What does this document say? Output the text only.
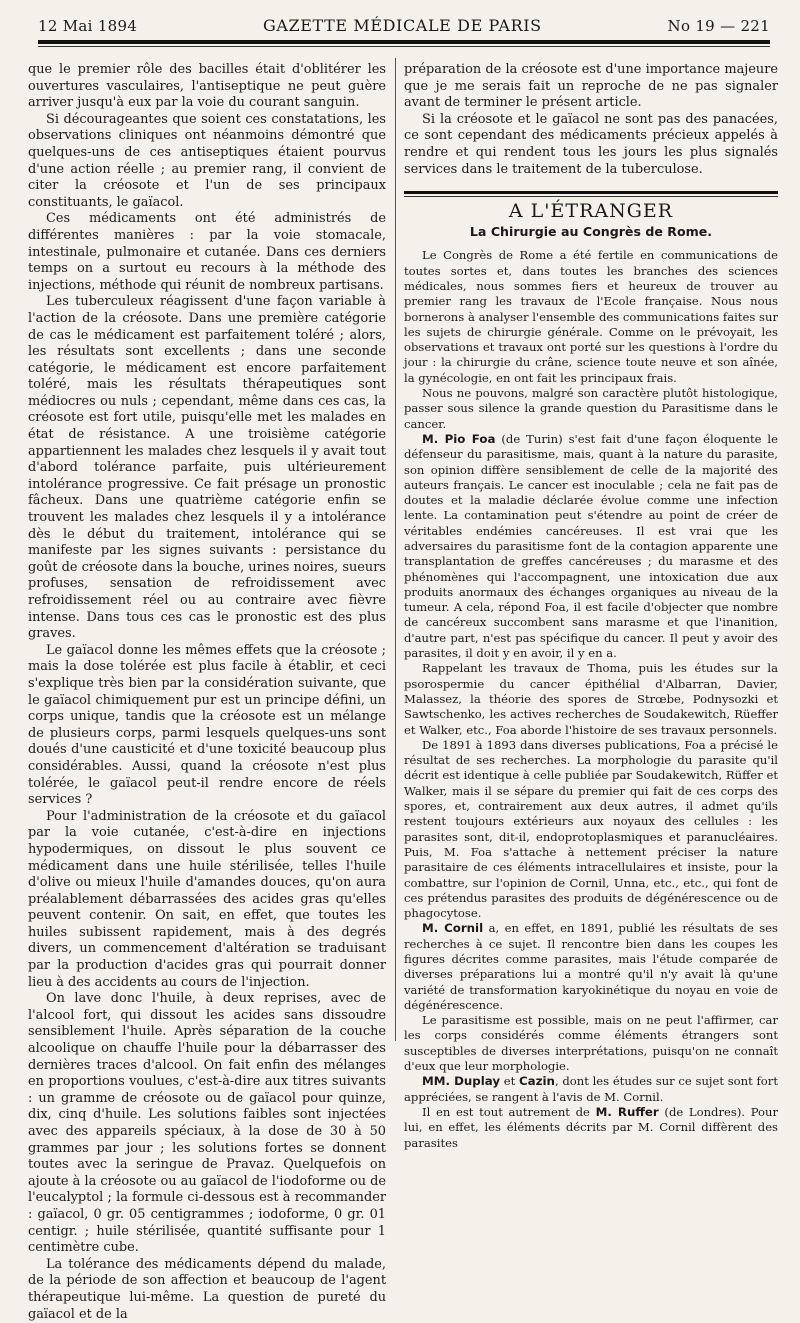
12 Mai 1894	GAZETTE MÉDICALE DE PARIS	No 19 — 221

que le premier rôle des bacilles était d'oblitérer les ouvertures vasculaires, l'antiseptique ne peut guère arriver jusqu'à eux par la voie du courant sanguin.

Si décourageantes que soient ces constatations, les observations cliniques ont néanmoins démontré que quelques-uns de ces antiseptiques étaient pourvus d'une action réelle ; au premier rang, il convient de citer la créosote et l'un de ses principaux constituants, le gaïacol.

Ces médicaments ont été administrés de différentes manières : par la voie stomacale, intestinale, pulmonaire et cutanée. Dans ces derniers temps on a surtout eu recours à la méthode des injections, méthode qui réunit de nombreux partisans.

Les tuberculeux réagissent d'une façon variable à l'action de la créosote. Dans une première catégorie de cas le médicament est parfaitement toléré ; alors, les résultats sont excellents ; dans une seconde catégorie, le médicament est encore parfaitement toléré, mais les résultats thérapeutiques sont médiocres ou nuls ; cependant, même dans ces cas, la créosote est fort utile, puisqu'elle met les malades en état de résistance. A une troisième catégorie appartiennent les malades chez lesquels il y avait tout d'abord tolérance parfaite, puis ultérieurement intolérance progressive. Ce fait présage un pronostic fâcheux. Dans une quatrième catégorie enfin se trouvent les malades chez lesquels il y a intolérance dès le début du traitement, intolérance qui se manifeste par les signes suivants : persistance du goût de créosote dans la bouche, urines noires, sueurs profuses, sensation de refroidissement avec refroidissement réel ou au contraire avec fièvre intense. Dans tous ces cas le pronostic est des plus graves.

Le gaïacol donne les mêmes effets que la créosote ; mais la dose tolérée est plus facile à établir, et ceci s'explique très bien par la considération suivante, que le gaïacol chimiquement pur est un principe défini, un corps unique, tandis que la créosote est un mélange de plusieurs corps, parmi lesquels quelques-uns sont doués d'une causticité et d'une toxicité beaucoup plus considérables. Aussi, quand la créosote n'est plus tolérée, le gaïacol peut-il rendre encore de réels services ?

Pour l'administration de la créosote et du gaïacol par la voie cutanée, c'est-à-dire en injections hypodermiques, on dissout le plus souvent ce médicament dans une huile stérilisée, telles l'huile d'olive ou mieux l'huile d'amandes douces, qu'on aura préalablement débarrassées des acides gras qu'elles peuvent contenir. On sait, en effet, que toutes les huiles subissent rapidement, mais à des degrés divers, un commencement d'altération se traduisant par la production d'acides gras qui pourrait donner lieu à des accidents au cours de l'injection.

On lave donc l'huile, à deux reprises, avec de l'alcool fort, qui dissout les acides sans dissoudre sensiblement l'huile. Après séparation de la couche alcoolique on chauffe l'huile pour la débarrasser des dernières traces d'alcool. On fait enfin des mélanges en proportions voulues, c'est-à-dire aux titres suivants : un gramme de créosote ou de gaïacol pour quinze, dix, cinq d'huile. Les solutions faibles sont injectées avec des appareils spéciaux, à la dose de 30 à 50 grammes par jour ; les solutions fortes se donnent toutes avec la seringue de Pravaz. Quelquefois on ajoute à la créosote ou au gaïacol de l'iodoforme ou de l'eucalyptol ; la formule ci-dessous est à recommander : gaïacol, 0 gr. 05 centigrammes ; iodoforme, 0 gr. 01 centigr. ; huile stérilisée, quantité suffisante pour 1 centimètre cube.

La tolérance des médicaments dépend du malade, de la période de son affection et beaucoup de l'agent thérapeutique lui-même. La question de pureté du gaïacol et de la

préparation de la créosote est d'une importance majeure que je me serais fait un reproche de ne pas signaler avant de terminer le présent article.

Si la créosote et le gaïacol ne sont pas des panacées, ce sont cependant des médicaments précieux appelés à rendre et qui rendent tous les jours les plus signalés services dans le traitement de la tuberculose.

A L'ÉTRANGER
La Chirurgie au Congrès de Rome.

Le Congrès de Rome a été fertile en communications de toutes sortes et, dans toutes les branches des sciences médicales, nous sommes fiers et heureux de trouver au premier rang les travaux de l'Ecole française. Nous nous bornerons à analyser l'ensemble des communications faites sur les sujets de chirurgie générale. Comme on le prévoyait, les observations et travaux ont porté sur les questions à l'ordre du jour : la chirurgie du crâne, science toute neuve et son aînée, la gynécologie, en ont fait les principaux frais.

Nous ne pouvons, malgré son caractère plutôt histologique, passer sous silence la grande question du Parasitisme dans le cancer.

M. Pio Foa (de Turin) s'est fait d'une façon éloquente le défenseur du parasitisme, mais, quant à la nature du parasite, son opinion diffère sensiblement de celle de la majorité des auteurs français. Le cancer est inoculable ; cela ne fait pas de doutes et la maladie déclarée évolue comme une infection lente. La contamination peut s'étendre au point de créer de véritables endémies cancéreuses. Il est vrai que les adversaires du parasitisme font de la contagion apparente une transplantation de greffes cancéreuses ; du marasme et des phénomènes qui l'accompagnent, une intoxication due aux produits anormaux des échanges organiques au niveau de la tumeur. A cela, répond Foa, il est facile d'objecter que nombre de cancéreux succombent sans marasme et que l'inanition, d'autre part, n'est pas spécifique du cancer. Il peut y avoir des parasites, il doit y en avoir, il y en a.

Rappelant les travaux de Thoma, puis les études sur la psorospermie du cancer épithélial d'Albarran, Davier, Malassez, la théorie des spores de Strœbe, Podnysozki et Sawtschenko, les actives recherches de Soudakewitch, Rüeffer et Walker, etc., Foa aborde l'histoire de ses travaux personnels.

De 1891 à 1893 dans diverses publications, Foa a précisé le résultat de ses recherches. La morphologie du parasite qu'il décrit est identique à celle publiée par Soudakewitch, Rüffer et Walker, mais il se sépare du premier qui fait de ces corps des spores, et, contrairement aux deux autres, il admet qu'ils restent toujours extérieurs aux noyaux des cellules : les parasites sont, dit-il, endoprotoplasmiques et paranucléaires. Puis, M. Foa s'attache à nettement préciser la nature parasitaire de ces éléments intracellulaires et insiste, pour la combattre, sur l'opinion de Cornil, Unna, etc., etc., qui font de ces prétendus parasites des produits de dégénérescence ou de phagocytose.

M. Cornil a, en effet, en 1891, publié les résultats de ses recherches à ce sujet. Il rencontre bien dans les coupes les figures décrites comme parasites, mais l'étude comparée de diverses préparations lui a montré qu'il n'y avait là qu'une variété de transformation karyokinétique du noyau en voie de dégénérescence.

Le parasitisme est possible, mais on ne peut l'affirmer, car les corps considérés comme éléments étrangers sont susceptibles de diverses interprétations, puisqu'on ne connaît d'eux que leur morphologie.

MM. Duplay et Cazin, dont les études sur ce sujet sont fort appréciées, se rangent à l'avis de M. Cornil.

Il en est tout autrement de M. Ruffer (de Londres). Pour lui, en effet, les éléments décrits par M. Cornil diffèrent des parasites
